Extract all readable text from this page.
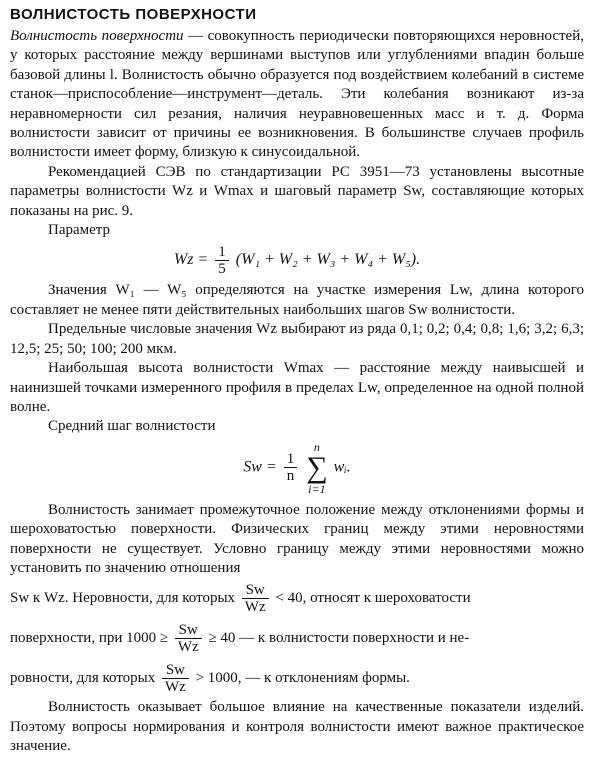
ВОЛНИСТОСТЬ ПОВЕРХНОСТИ

Волнистость поверхности — совокупность периодически повторяющихся неровностей, у которых расстояние между вершинами выступов или углублениями впадин больше базовой длины l. Волнистость обычно образуется под воздействием колебаний в системе станок—приспособление—инструмент—деталь. Эти колебания возникают из-за неравномерности сил резания, наличия неуравновешенных масс и т. д. Форма волнистости зависит от причины ее возникновения. В большинстве случаев профиль волнистости имеет форму, близкую к синусоидальной.

Рекомендацией СЭВ по стандартизации РС 3951—73 установлены высотные параметры волнистости Wz и Wmax и шаговый параметр Sw, составляющие которых показаны на рис. 9.

Параметр

$Wz = \frac{1}{5} (W_1 + W_2 + W_3 + W_4 + W_5)$.

Значения W₁ — W₅ определяются на участке измерения Lw, длина которого составляет не менее пяти действительных наибольших шагов Sw волнистости.

Предельные числовые значения Wz выбирают из ряда 0,1; 0,2; 0,4; 0,8; 1,6; 3,2; 6,3; 12,5; 25; 50; 100; 200 мкм.

Наибольшая высота волнистости Wmax — расстояние между наивысшей и наинизшей точками измеренного профиля в пределах Lw, определенное на одной полной волне.

Средний шаг волнистости

$Sw = \frac{1}{n}$

n
∑
i=1
wᵢ.

Волнистость занимает промежуточное положение между отклонениями формы и шероховатостью поверхности. Физических границ между этими неровностями поверхности не существует. Условно границу между этими неровностями можно установить по значению отношения

Sw к Wz. Неровности, для которых $\frac{Sw}{Wz} < 40$, относят к шероховатости

поверхности, при $1000 \ge \frac{Sw}{Wz} \ge 40$ — к волнистости поверхности и не-

ровности, для которых $\frac{Sw}{Wz} > 1000$, — к отклонениям формы.

Волнистость оказывает большое влияние на качественные показатели изделий. Поэтому вопросы нормирования и контроля волнистости имеют важное практическое значение.
